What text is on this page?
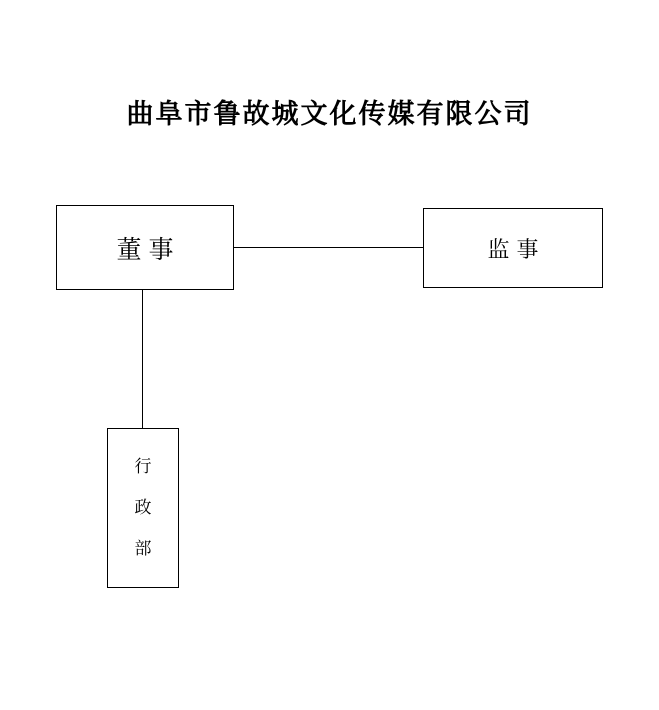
曲阜市鲁故城文化传媒有限公司
董事	监事
行
政
部
